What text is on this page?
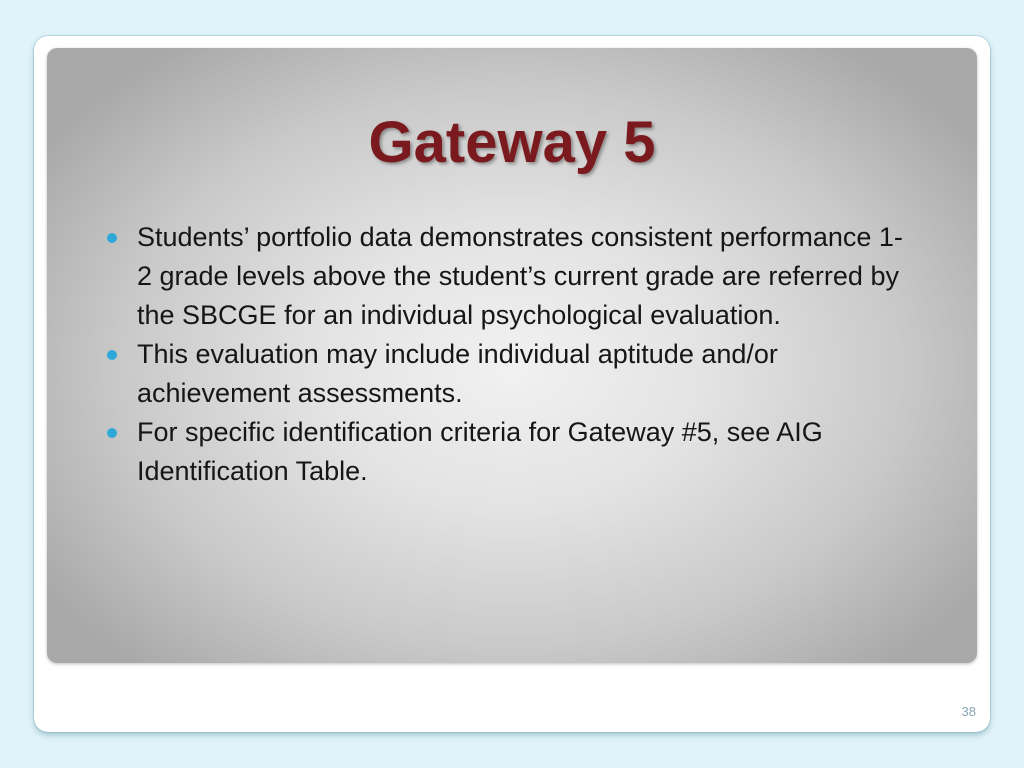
Gateway 5
Students’ portfolio data demonstrates consistent performance 1-2 grade levels above the student’s current grade are referred by the SBCGE for an individual psychological evaluation.
This evaluation may include individual aptitude and/or achievement assessments.
For specific identification criteria for Gateway #5, see AIG Identification Table.
38
